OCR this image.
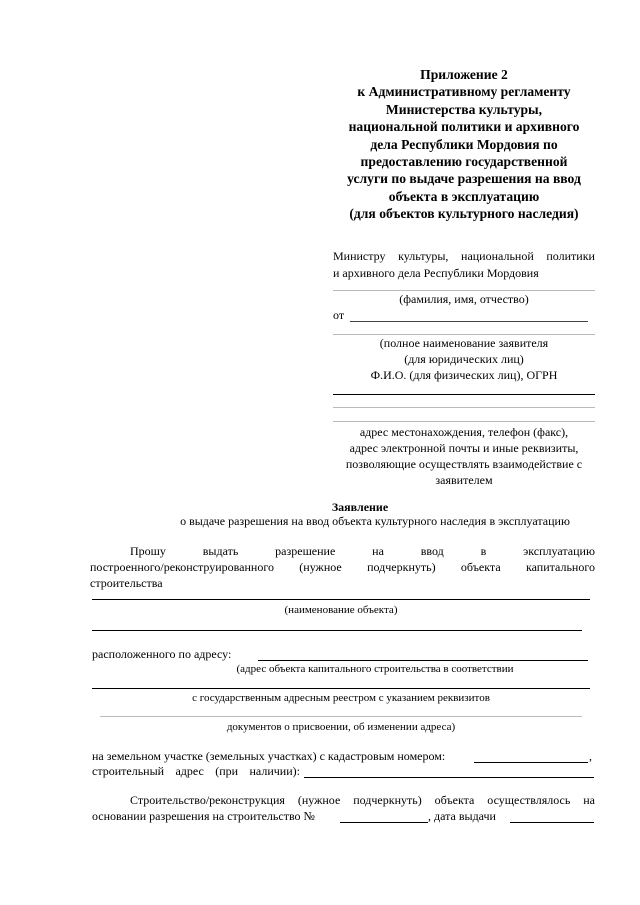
Приложение 2
к Административному регламенту
Министерства культуры,
национальной политики и архивного
дела Республики Мордовия по
предоставлению государственной
услуги по выдаче разрешения на ввод
объекта в эксплуатацию
(для объектов культурного наследия)
Министру культуры, национальной политики
и архивного дела Республики Мордовия
(фамилия, имя, отчество)
от
(полное наименование заявителя
(для юридических лиц)
Ф.И.О. (для физических лиц), ОГРН
адрес местонахождения, телефон (факс),
адрес электронной почты и иные реквизиты,
позволяющие осуществлять взаимодействие с
заявителем
Заявление
о выдаче разрешения на ввод объекта культурного наследия в эксплуатацию
Прошу	выдать	разрешение	на	ввод	в	эксплуатацию
построенного/реконструированного (нужное подчеркнуть) объекта капитального
строительства
(наименование объекта)
расположенного по адресу:
(адрес объекта капитального строительства в соответствии
с государственным адресным реестром с указанием реквизитов
документов о присвоении, об изменении адреса)
на земельном участке (земельных участках) с кадастровым номером:	,
строительный адрес (при наличии):
Строительство/реконструкция (нужное подчеркнуть) объекта осуществлялось на
основании разрешения на строительство №	, дата выдачи
